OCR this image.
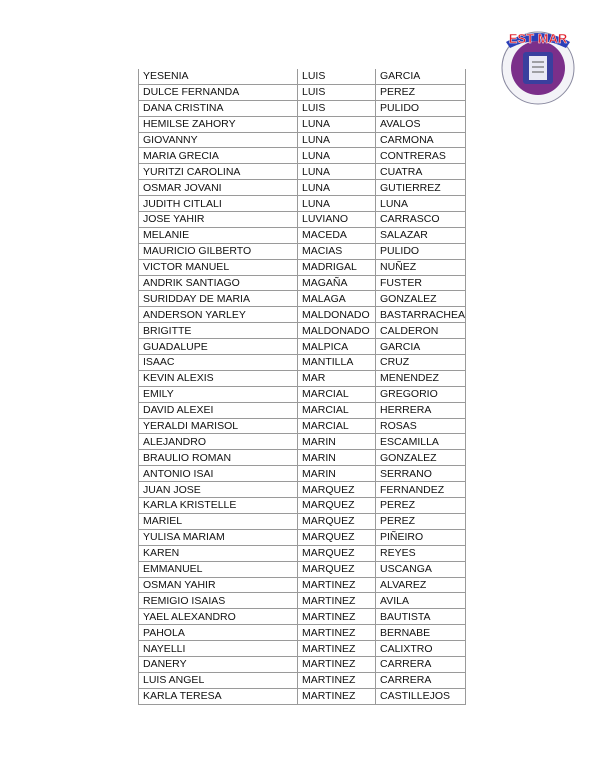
EST MAR
YESENIA	LUIS	GARCIA
DULCE FERNANDA	LUIS	PEREZ
DANA CRISTINA	LUIS	PULIDO
HEMILSE ZAHORY	LUNA	AVALOS
GIOVANNY	LUNA	CARMONA
MARIA GRECIA	LUNA	CONTRERAS
YURITZI CAROLINA	LUNA	CUATRA
OSMAR JOVANI	LUNA	GUTIERREZ
JUDITH CITLALI	LUNA	LUNA
JOSE YAHIR	LUVIANO	CARRASCO
MELANIE	MACEDA	SALAZAR
MAURICIO GILBERTO	MACIAS	PULIDO
VICTOR MANUEL	MADRIGAL	NUÑEZ
ANDRIK SANTIAGO	MAGAÑA	FUSTER
SURIDDAY DE MARIA	MALAGA	GONZALEZ
ANDERSON YARLEY	MALDONADO	BASTARRACHEA
BRIGITTE	MALDONADO	CALDERON
GUADALUPE	MALPICA	GARCIA
ISAAC	MANTILLA	CRUZ
KEVIN ALEXIS	MAR	MENENDEZ
EMILY	MARCIAL	GREGORIO
DAVID ALEXEI	MARCIAL	HERRERA
YERALDI MARISOL	MARCIAL	ROSAS
ALEJANDRO	MARIN	ESCAMILLA
BRAULIO ROMAN	MARIN	GONZALEZ
ANTONIO ISAI	MARIN	SERRANO
JUAN JOSE	MARQUEZ	FERNANDEZ
KARLA KRISTELLE	MARQUEZ	PEREZ
MARIEL	MARQUEZ	PEREZ
YULISA MARIAM	MARQUEZ	PIÑEIRO
KAREN	MARQUEZ	REYES
EMMANUEL	MARQUEZ	USCANGA
OSMAN YAHIR	MARTINEZ	ALVAREZ
REMIGIO ISAIAS	MARTINEZ	AVILA
YAEL ALEXANDRO	MARTINEZ	BAUTISTA
PAHOLA	MARTINEZ	BERNABE
NAYELLI	MARTINEZ	CALIXTRO
DANERY	MARTINEZ	CARRERA
LUIS ANGEL	MARTINEZ	CARRERA
KARLA TERESA	MARTINEZ	CASTILLEJOS
